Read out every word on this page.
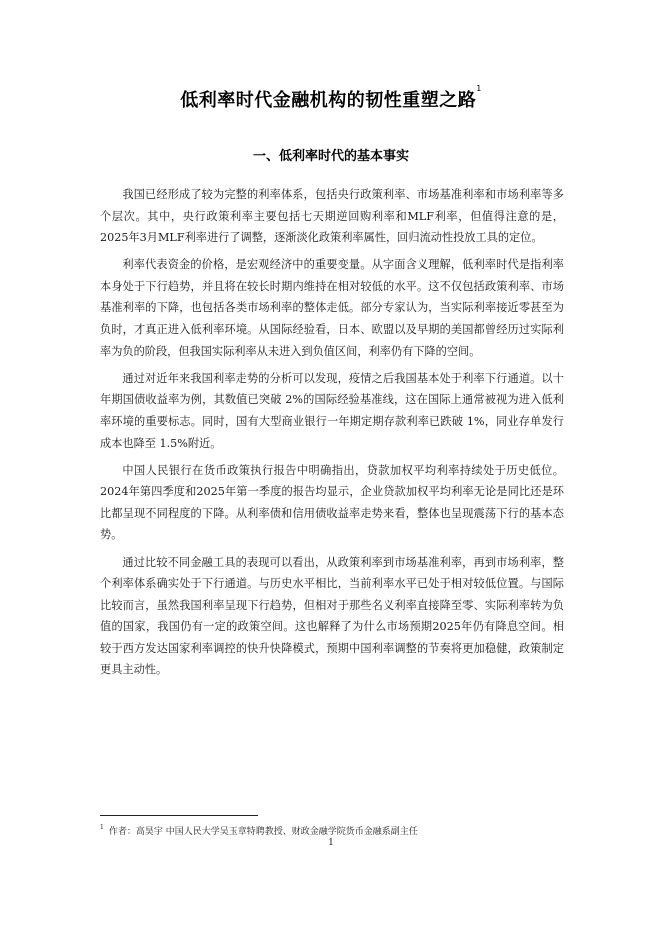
低利率时代金融机构的韧性重塑之路$^1$
一、低利率时代的基本事实

我国已经形成了较为完整的利率体系，包括央行政策利率、市场基准利率和市场利率等多个层次。其中，央行政策利率主要包括七天期逆回购利率和MLF利率，但值得注意的是，2025年3月MLF利率进行了调整，逐渐淡化政策利率属性，回归流动性投放工具的定位。

利率代表资金的价格，是宏观经济中的重要变量。从字面含义理解，低利率时代是指利率本身处于下行趋势，并且将在较长时期内维持在相对较低的水平。这不仅包括政策利率、市场基准利率的下降，也包括各类市场利率的整体走低。部分专家认为，当实际利率接近零甚至为负时，才真正进入低利率环境。从国际经验看，日本、欧盟以及早期的美国都曾经历过实际利率为负的阶段，但我国实际利率从未进入到负值区间，利率仍有下降的空间。

通过对近年来我国利率走势的分析可以发现，疫情之后我国基本处于利率下行通道。以十年期国债收益率为例，其数值已突破 2%的国际经验基准线，这在国际上通常被视为进入低利率环境的重要标志。同时，国有大型商业银行一年期定期存款利率已跌破 1%，同业存单发行成本也降至 1.5%附近。

中国人民银行在货币政策执行报告中明确指出，贷款加权平均利率持续处于历史低位。2024年第四季度和2025年第一季度的报告均显示，企业贷款加权平均利率无论是同比还是环比都呈现不同程度的下降。从利率债和信用债收益率走势来看，整体也呈现震荡下行的基本态势。

通过比较不同金融工具的表现可以看出，从政策利率到市场基准利率，再到市场利率，整个利率体系确实处于下行通道。与历史水平相比，当前利率水平已处于相对较低位置。与国际比较而言，虽然我国利率呈现下行趋势，但相对于那些名义利率直接降至零、实际利率转为负值的国家，我国仍有一定的政策空间。这也解释了为什么市场预期2025年仍有降息空间。相较于西方发达国家利率调控的快升快降模式，预期中国利率调整的节奏将更加稳健，政策制定更具主动性。

$^1$ 作者：高昊宇 中国人民大学吴玉章特聘教授、财政金融学院货币金融系副主任
1
